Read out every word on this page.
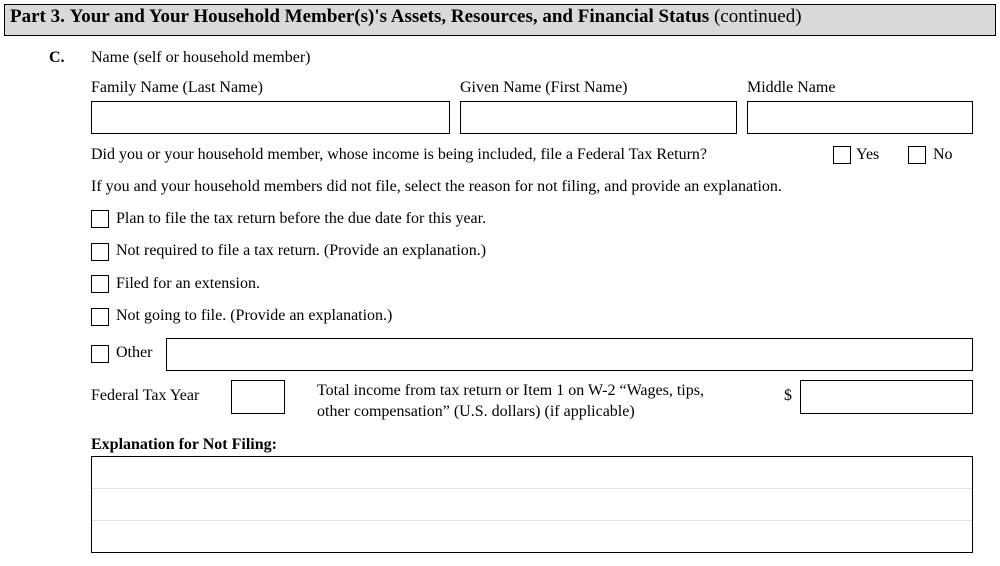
Part 3. Your and Your Household Member(s)'s Assets, Resources, and Financial Status (continued)
C. Name (self or household member)
Family Name (Last Name)	Given Name (First Name)	Middle Name
Did you or your household member, whose income is being included, file a Federal Tax Return?	Yes	No
If you and your household members did not file, select the reason for not filing, and provide an explanation.
Plan to file the tax return before the due date for this year.
Not required to file a tax return. (Provide an explanation.)
Filed for an extension.
Not going to file. (Provide an explanation.)
Other
Federal Tax Year	Total income from tax return or Item 1 on W-2 “Wages, tips,
other compensation” (U.S. dollars) (if applicable)
$
Explanation for Not Filing:
